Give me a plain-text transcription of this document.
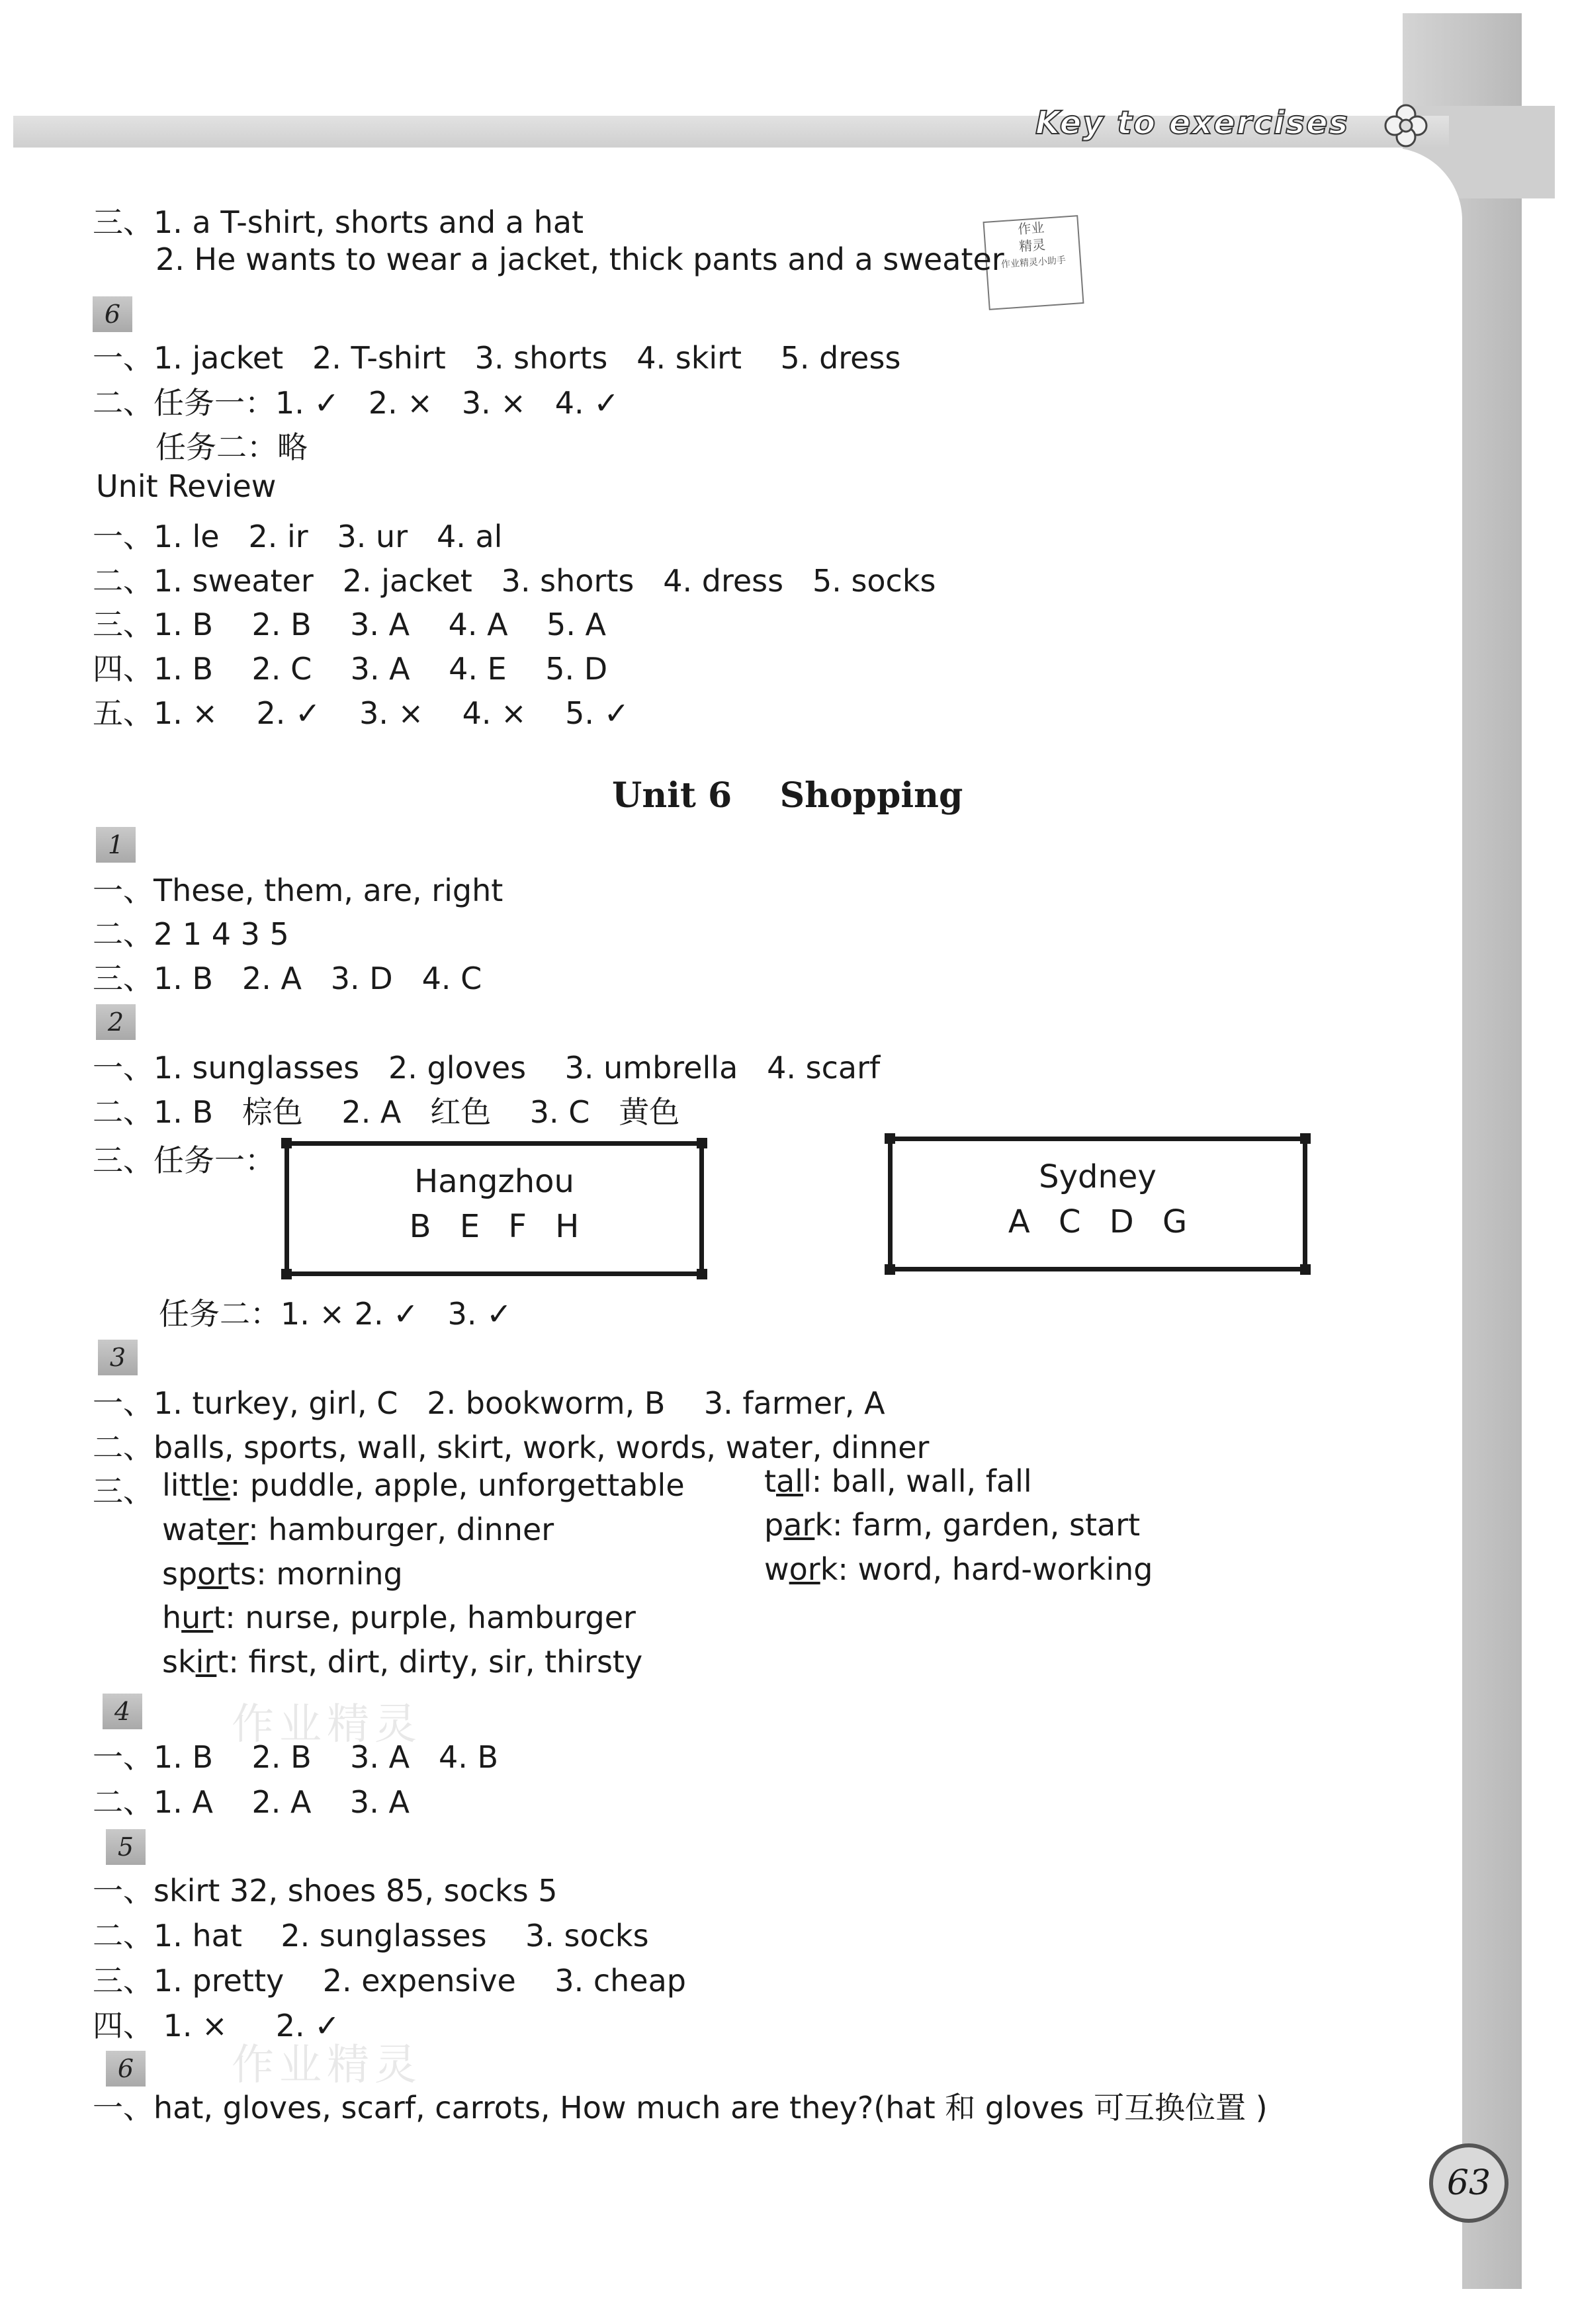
Key to exercises
作业
精灵
作业精灵小助手
作业精灵
作业精灵
三、1. a T-shirt, shorts and a hat
2. He wants to wear a jacket, thick pants and a sweater
6
一、1. jacket   2. T-shirt   3. shorts   4. skirt    5. dress
二、任务一：1. ✓   2. ×   3. ×   4. ✓
任务二：略
Unit Review
一、1. le   2. ir   3. ur   4. al
二、1. sweater   2. jacket   3. shorts   4. dress   5. socks
三、1. B    2. B    3. A    4. A    5. A
四、1. B    2. C    3. A    4. E    5. D
五、1. ×    2. ✓    3. ×    4. ×    5. ✓
Unit 6    Shopping
1
一、These, them, are, right
二、2 1 4 3 5
三、1. B   2. A   3. D   4. C
2
一、1. sunglasses   2. gloves    3. umbrella   4. scarf
二、1. B   棕色    2. A   红色    3. C   黄色
三、任务一：
Hangzhou
B E F H
Sydney
A C D G
任务二：1. × 2. ✓   3. ✓
3
一、1. turkey, girl, C   2. bookworm, B    3. farmer, A
二、balls, sports, wall, skirt, work, words, water, dinner
三、 little: puddle, apple, unforgettable
water: hamburger, dinner
sports: morning
hurt: nurse, purple, hamburger
skirt: first, dirt, dirty, sir, thirsty
tall: ball, wall, fall
park: farm, garden, start
work: word, hard-working
4
一、1. B    2. B    3. A   4. B
二、1. A    2. A    3. A
5
一、skirt 32, shoes 85, socks 5
二、1. hat    2. sunglasses    3. socks
三、1. pretty    2. expensive    3. cheap
四、 1. ×     2. ✓
6
一、hat, gloves, scarf, carrots, How much are they?(hat 和 gloves 可互换位置 )
63
